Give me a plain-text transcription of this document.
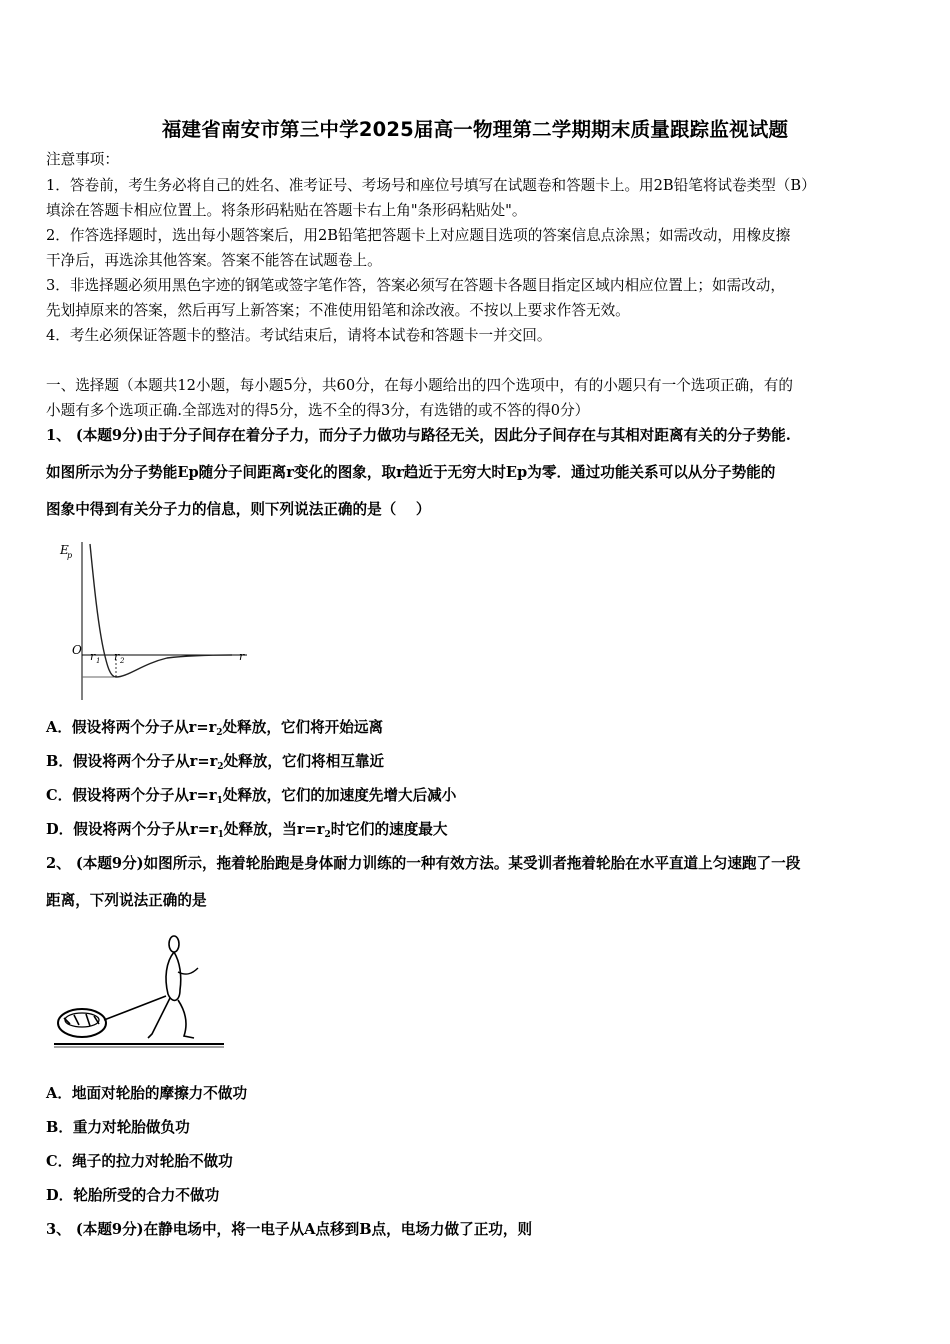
福建省南安市第三中学2025届高一物理第二学期期末质量跟踪监视试题
注意事项：
1．答卷前，考生务必将自己的姓名、准考证号、考场号和座位号填写在试题卷和答题卡上。用2B铅笔将试卷类型（B）
填涂在答题卡相应位置上。将条形码粘贴在答题卡右上角"条形码粘贴处"。
2．作答选择题时，选出每小题答案后，用2B铅笔把答题卡上对应题目选项的答案信息点涂黑；如需改动，用橡皮擦
干净后，再选涂其他答案。答案不能答在试题卷上。
3．非选择题必须用黑色字迹的钢笔或签字笔作答，答案必须写在答题卡各题目指定区域内相应位置上；如需改动，
先划掉原来的答案，然后再写上新答案；不准使用铅笔和涂改液。不按以上要求作答无效。
4．考生必须保证答题卡的整洁。考试结束后，请将本试卷和答题卡一并交回。
一、选择题（本题共12小题，每小题5分，共60分，在每小题给出的四个选项中，有的小题只有一个选项正确，有的
小题有多个选项正确.全部选对的得5分，选不全的得3分，有选错的或不答的得0分）
1、 (本题9分)由于分子间存在着分子力，而分子力做功与路径无关，因此分子间存在与其相对距离有关的分子势能.
如图所示为分子势能Ep随分子间距离r变化的图象，取r趋近于无穷大时Ep为零．通过功能关系可以从分子势能的
图象中得到有关分子力的信息，则下列说法正确的是（　 ）
E
p
O r 1 r 2	r
A．假设将两个分子从$r=r_2$处释放，它们将开始远离
B．假设将两个分子从$r=r_2$处释放，它们将相互靠近
C．假设将两个分子从$r=r_1$处释放，它们的加速度先增大后减小
D．假设将两个分子从$r=r_1$处释放，当$r=r_2$时它们的速度最大
2、 (本题9分)如图所示，拖着轮胎跑是身体耐力训练的一种有效方法。某受训者拖着轮胎在水平直道上匀速跑了一段
距离，下列说法正确的是
A．地面对轮胎的摩擦力不做功
B．重力对轮胎做负功
C．绳子的拉力对轮胎不做功
D．轮胎所受的合力不做功
3、 (本题9分)在静电场中，将一电子从A点移到B点，电场力做了正功，则
